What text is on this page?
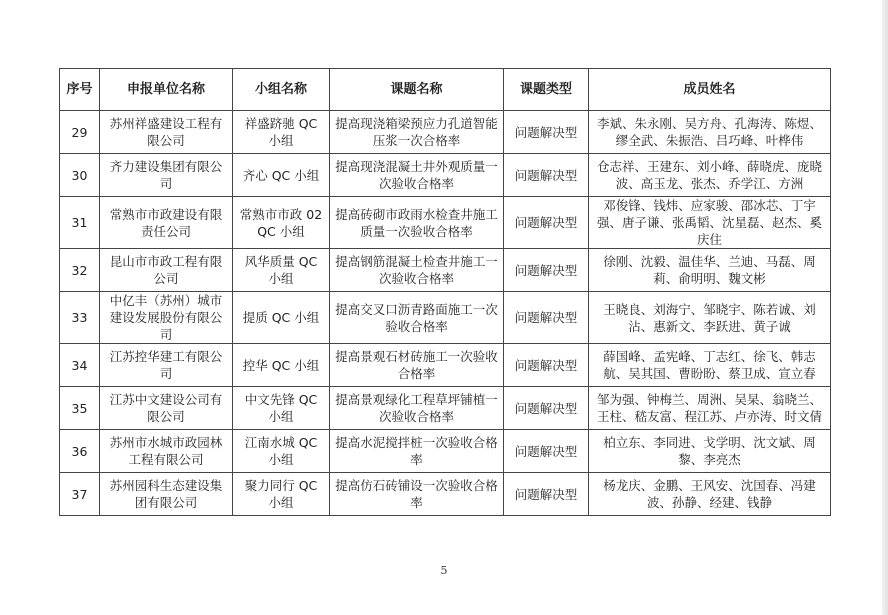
序号	申报单位名称	小组名称	课题名称	课题类型	成员姓名
29	苏州祥盛建设工程有限公司	祥盛跻驰 QC 小组	提高现浇箱梁预应力孔道智能压浆一次合格率	问题解决型	李斌、朱永刚、吴方舟、孔海涛、陈煜、缪全武、朱振浩、吕巧峰、叶桦伟
30	齐力建设集团有限公司	齐心 QC 小组	提高现浇混凝土井外观质量一次验收合格率	问题解决型	仓志祥、王建东、刘小峰、薛晓虎、庞晓波、高玉龙、张杰、乔学江、方洲
31	常熟市市政建设有限责任公司	常熟市市政 02QC 小组	提高砖砌市政雨水检查井施工质量一次验收合格率	问题解决型	邓俊锋、钱炜、应家骏、邵冰芯、丁宇强、唐子谦、张禹韬、沈星磊、赵杰、奚庆住
32	昆山市市政工程有限公司	风华质量 QC 小组	提高钢筋混凝土检查井施工一次验收合格率	问题解决型	徐刚、沈毅、温佳华、兰迪、马磊、周莉、俞明明、魏文彬
33	中亿丰（苏州）城市建设发展股份有限公司	提质 QC 小组	提高交叉口沥青路面施工一次验收合格率	问题解决型	王晓良、刘海宁、邹晓宇、陈若诚、刘沾、惠新文、李跃进、黄子诚
34	江苏控华建工有限公司	控华 QC 小组	提高景观石材砖施工一次验收合格率	问题解决型	薛国峰、孟宪峰、丁志红、徐飞、韩志航、吴其国、曹盼盼、蔡卫成、宣立春
35	江苏中文建设公司有限公司	中文先锋 QC 小组	提高景观绿化工程草坪铺植一次验收合格率	问题解决型	邹为强、钟梅兰、周洲、吴杲、翁晓兰、王柱、嵇友富、程江苏、卢亦涛、时文倩
36	苏州市水城市政园林工程有限公司	江南水城 QC 小组	提高水泥搅拌桩一次验收合格率	问题解决型	柏立东、李同进、戈学明、沈文斌、周黎、李亮杰
37	苏州园科生态建设集团有限公司	聚力同行 QC 小组	提高仿石砖铺设一次验收合格率	问题解决型	杨龙庆、金鹏、王风安、沈国春、冯建波、孙静、经建、钱静
5
